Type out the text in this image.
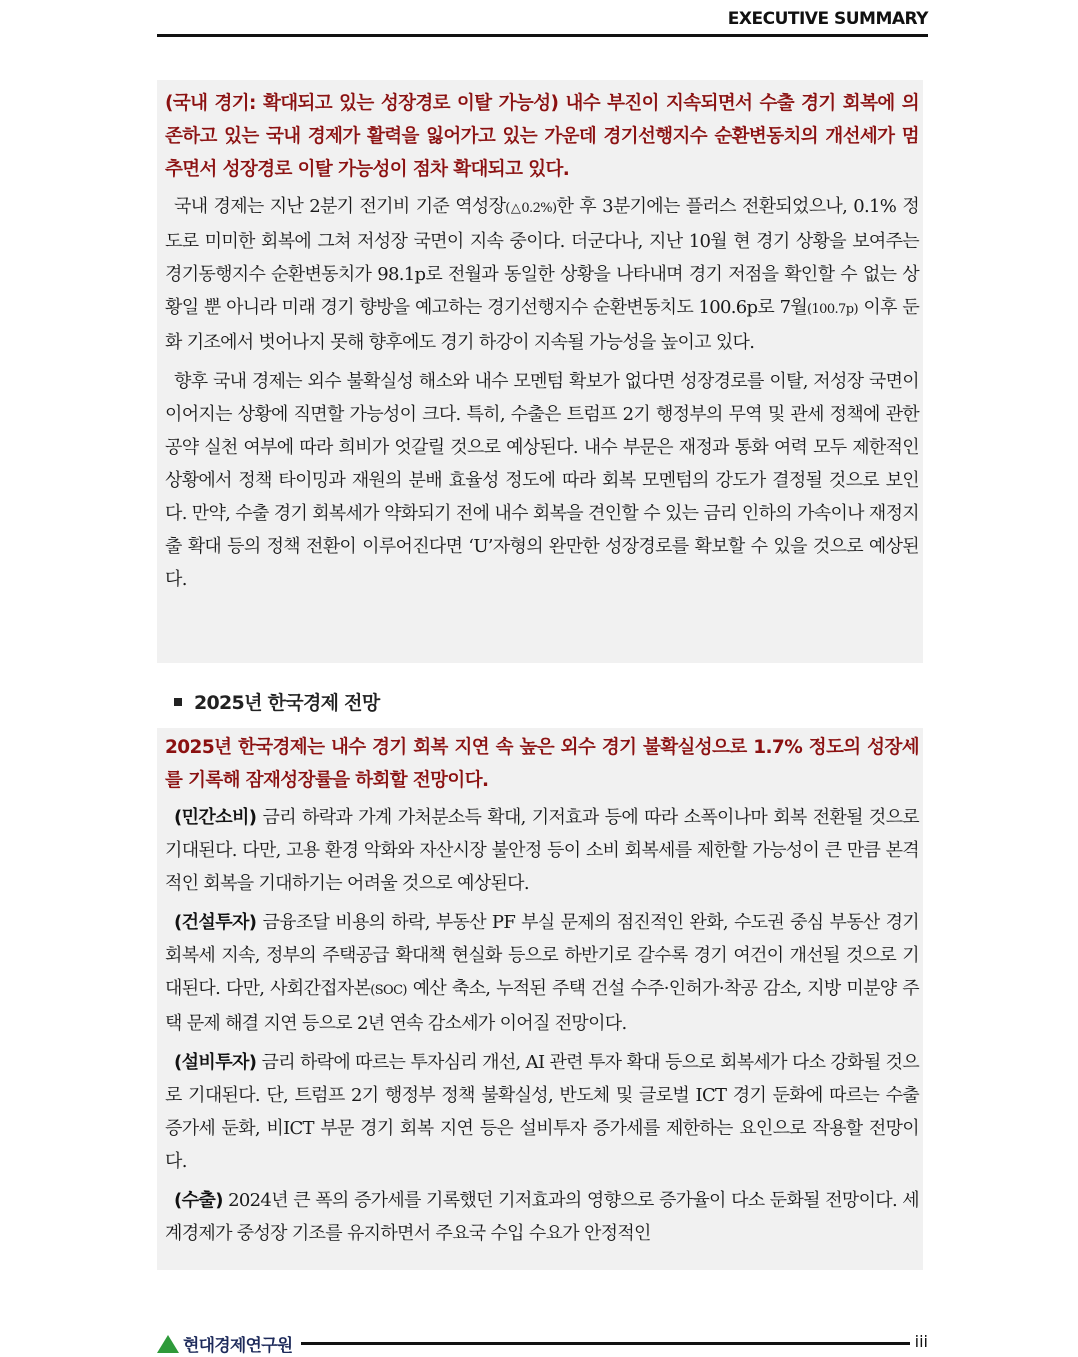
EXECUTIVE SUMMARY

(국내 경기: 확대되고 있는 성장경로 이탈 가능성) 내수 부진이 지속되면서 수출 경기 회복에 의존하고 있는 국내 경제가 활력을 잃어가고 있는 가운데 경기선행지수 순환변동치의 개선세가 멈추면서 성장경로 이탈 가능성이 점차 확대되고 있다.

국내 경제는 지난 2분기 전기비 기준 역성장(△0.2%)한 후 3분기에는 플러스 전환되었으나, 0.1% 정도로 미미한 회복에 그쳐 저성장 국면이 지속 중이다. 더군다나, 지난 10월 현 경기 상황을 보여주는 경기동행지수 순환변동치가 98.1p로 전월과 동일한 상황을 나타내며 경기 저점을 확인할 수 없는 상황일 뿐 아니라 미래 경기 향방을 예고하는 경기선행지수 순환변동치도 100.6p로 7월(100.7p) 이후 둔화 기조에서 벗어나지 못해 향후에도 경기 하강이 지속될 가능성을 높이고 있다.

향후 국내 경제는 외수 불확실성 해소와 내수 모멘텀 확보가 없다면 성장경로를 이탈, 저성장 국면이 이어지는 상황에 직면할 가능성이 크다. 특히, 수출은 트럼프 2기 행정부의 무역 및 관세 정책에 관한 공약 실천 여부에 따라 희비가 엇갈릴 것으로 예상된다. 내수 부문은 재정과 통화 여력 모두 제한적인 상황에서 정책 타이밍과 재원의 분배 효율성 정도에 따라 회복 모멘텀의 강도가 결정될 것으로 보인다. 만약, 수출 경기 회복세가 약화되기 전에 내수 회복을 견인할 수 있는 금리 인하의 가속이나 재정지출 확대 등의 정책 전환이 이루어진다면 ‘U’자형의 완만한 성장경로를 확보할 수 있을 것으로 예상된다.

2025년 한국경제 전망

2025년 한국경제는 내수 경기 회복 지연 속 높은 외수 경기 불확실성으로 1.7% 정도의 성장세를 기록해 잠재성장률을 하회할 전망이다.

(민간소비) 금리 하락과 가계 가처분소득 확대, 기저효과 등에 따라 소폭이나마 회복 전환될 것으로 기대된다. 다만, 고용 환경 악화와 자산시장 불안정 등이 소비 회복세를 제한할 가능성이 큰 만큼 본격적인 회복을 기대하기는 어려울 것으로 예상된다.

(건설투자) 금융조달 비용의 하락, 부동산 PF 부실 문제의 점진적인 완화, 수도권 중심 부동산 경기 회복세 지속, 정부의 주택공급 확대책 현실화 등으로 하반기로 갈수록 경기 여건이 개선될 것으로 기대된다. 다만, 사회간접자본(SOC) 예산 축소, 누적된 주택 건설 수주·인허가·착공 감소, 지방 미분양 주택 문제 해결 지연 등으로 2년 연속 감소세가 이어질 전망이다.

(설비투자) 금리 하락에 따르는 투자심리 개선, AI 관련 투자 확대 등으로 회복세가 다소 강화될 것으로 기대된다. 단, 트럼프 2기 행정부 정책 불확실성, 반도체 및 글로벌 ICT 경기 둔화에 따르는 수출 증가세 둔화, 비ICT 부문 경기 회복 지연 등은 설비투자 증가세를 제한하는 요인으로 작용할 전망이다.

(수출) 2024년 큰 폭의 증가세를 기록했던 기저효과의 영향으로 증가율이 다소 둔화될 전망이다. 세계경제가 중성장 기조를 유지하면서 주요국 수입 수요가 안정적인

현대경제연구원	iii
